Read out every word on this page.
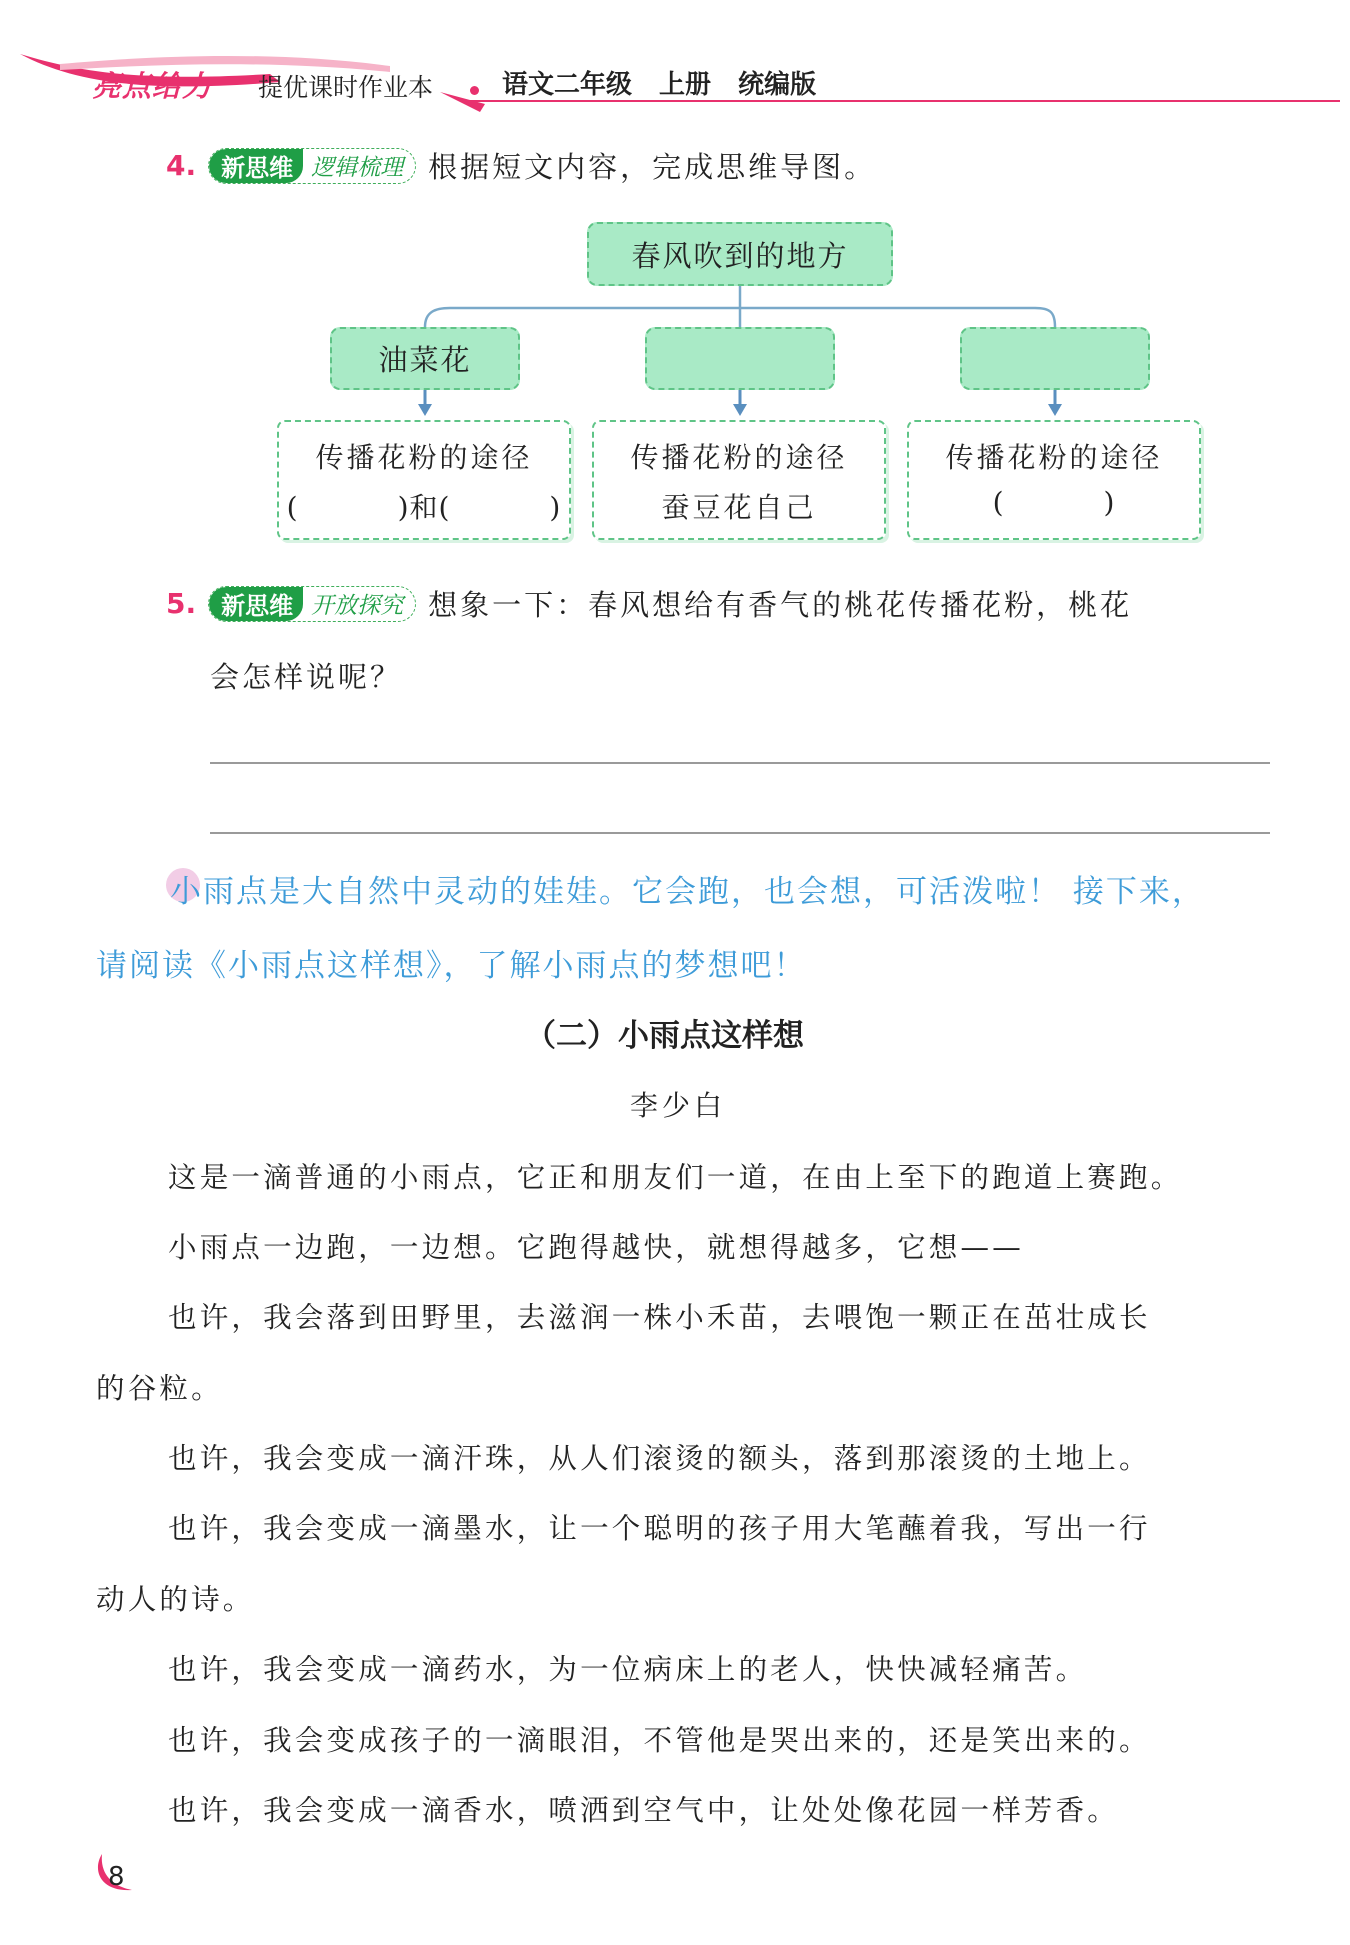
亮点给力 提优课时作业本	语文二年级 上册 统编版
4.	新思维 逻辑梳理 根据短文内容，完成思维导图。
春风吹到的地方
油菜花
传播花粉的途径
(          )和(          )
传播花粉的途径
蚕豆花自己
传播花粉的途径
(          )
5.	新思维 开放探究 想象一下：春风想给有香气的桃花传播花粉，桃花
会怎样说呢？
小雨点是大自然中灵动的娃娃。它会跑，也会想，可活泼啦！ 接下来，
请阅读《小雨点这样想》，了解小雨点的梦想吧！
（二）小雨点这样想
李少白
这是一滴普通的小雨点，它正和朋友们一道，在由上至下的跑道上赛跑。
小雨点一边跑，一边想。它跑得越快，就想得越多，它想——
也许，我会落到田野里，去滋润一株小禾苗，去喂饱一颗正在茁壮成长
的谷粒。
也许，我会变成一滴汗珠，从人们滚烫的额头，落到那滚烫的土地上。
也许，我会变成一滴墨水，让一个聪明的孩子用大笔蘸着我，写出一行
动人的诗。
也许，我会变成一滴药水，为一位病床上的老人，快快减轻痛苦。
也许，我会变成孩子的一滴眼泪，不管他是哭出来的，还是笑出来的。
也许，我会变成一滴香水，喷洒到空气中，让处处像花园一样芳香。
8
